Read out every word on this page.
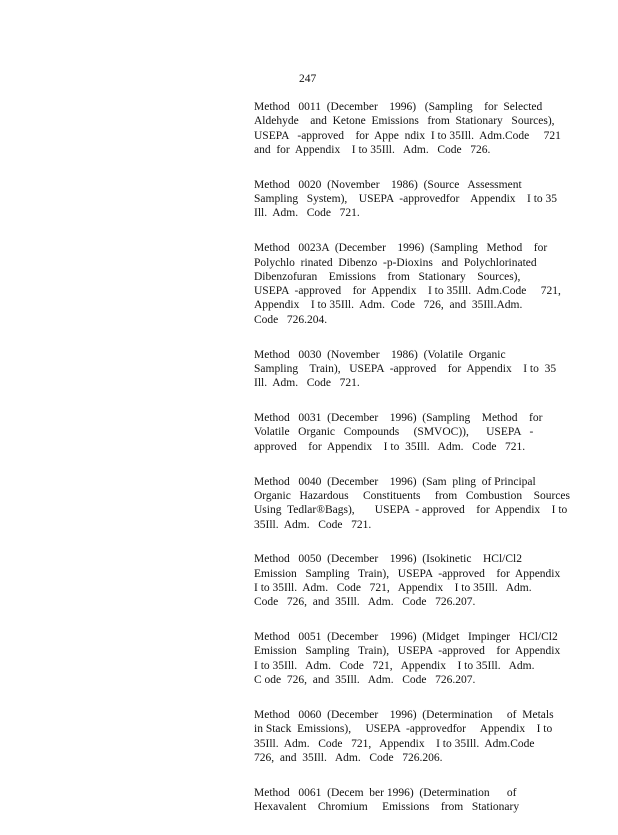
247
Method   0011  (December    1996)   (Sampling    for  Selected
Aldehyde    and  Ketone  Emissions   from  Stationary   Sources),
USEPA   -approved    for  Appe  ndix  I to 35Ill.  Adm.Code     721
and  for  Appendix    I to 35Ill.   Adm.   Code   726.
Method   0020  (November    1986)  (Source   Assessment
Sampling   System),    USEPA  -approvedfor    Appendix    I to 35
Ill.  Adm.   Code   721.
Method   0023A  (December    1996)  (Sampling   Method    for
Polychlo  rinated  Dibenzo  -p-Dioxins   and  Polychlorinated
Dibenzofuran    Emissions    from   Stationary    Sources),
USEPA  -approved    for  Appendix    I to 35Ill.  Adm.Code     721,
Appendix    I to 35Ill.  Adm.  Code   726,  and  35Ill.Adm.
Code   726.204.
Method   0030  (November    1986)  (Volatile  Organic
Sampling    Train),   USEPA  -approved    for  Appendix    I to  35
Ill.  Adm.   Code   721.
Method   0031  (December    1996)  (Sampling    Method    for
Volatile   Organic   Compounds     (SMVOC)),      USEPA   -
approved    for  Appendix    I to  35Ill.   Adm.   Code   721.
Method   0040  (December    1996)  (Sam  pling  of Principal
Organic   Hazardous     Constituents     from   Combustion    Sources
Using  Tedlar®Bags),       USEPA  - approved    for  Appendix    I to
35Ill.  Adm.   Code   721.
Method   0050  (December    1996)  (Isokinetic    HCl/Cl2
Emission   Sampling   Train),   USEPA  -approved    for  Appendix
I to 35Ill.  Adm.   Code   721,   Appendix    I to 35Ill.   Adm.
Code   726,  and  35Ill.   Adm.   Code   726.207.
Method   0051  (December    1996)  (Midget   Impinger   HCl/Cl2
Emission   Sampling   Train),   USEPA  -approved    for  Appendix
I to 35Ill.   Adm.   Code   721,   Appendix    I to 35Ill.   Adm.
C ode  726,  and  35Ill.   Adm.   Code   726.207.
Method   0060  (December    1996)  (Determination     of  Metals
in Stack  Emissions),     USEPA  -approvedfor     Appendix    I to
35Ill.  Adm.   Code   721,   Appendix    I to 35Ill.  Adm.Code
726,  and  35Ill.   Adm.   Code   726.206.
Method   0061  (Decem  ber 1996)  (Determination      of
Hexavalent    Chromium     Emissions    from   Stationary
